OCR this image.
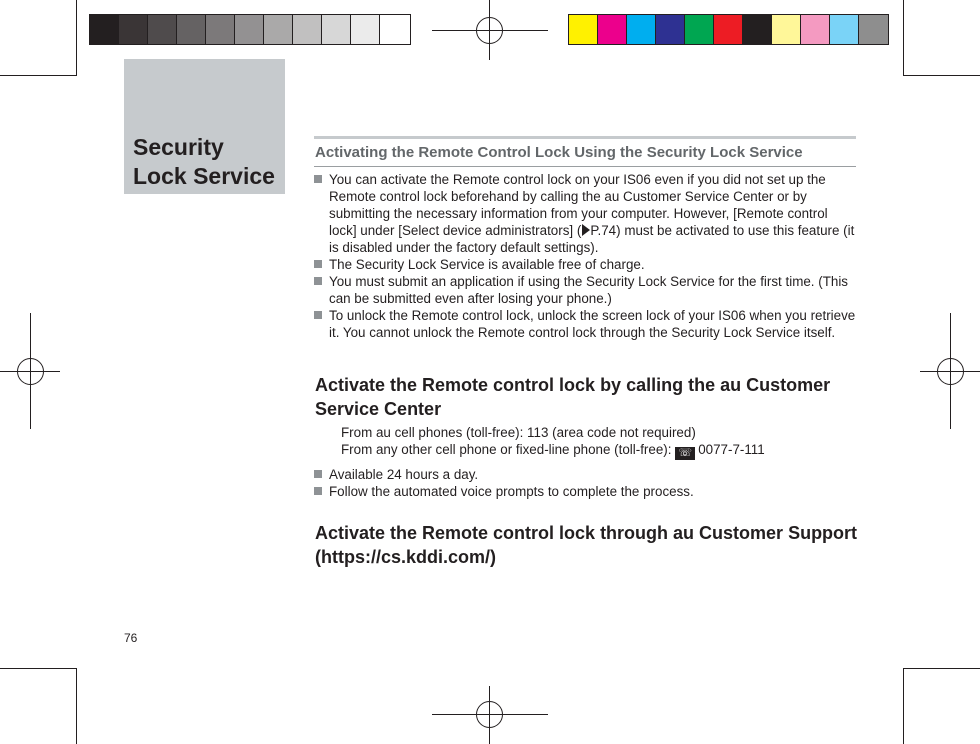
Security
Lock Service
Activating the Remote Control Lock Using the Security Lock Service
You can activate the Remote control lock on your IS06 even if you did not set up the Remote control lock beforehand by calling the au Customer Service Center or by submitting the necessary information from your computer. However, [Remote control lock] under [Select device administrators] ( P.74) must be activated to use this feature (it is disabled under the factory default settings).
The Security Lock Service is available free of charge.
You must submit an application if using the Security Lock Service for the first time. (This can be submitted even after losing your phone.)
To unlock the Remote control lock, unlock the screen lock of your IS06 when you retrieve it. You cannot unlock the Remote control lock through the Security Lock Service itself.
Activate the Remote control lock by calling the au Customer Service Center
From au cell phones (toll-free): 113 (area code not required)
From any other cell phone or fixed-line phone (toll-free): ☏ 0077-7-111
Available 24 hours a day.
Follow the automated voice prompts to complete the process.
Activate the Remote control lock through au Customer Support (https://cs.kddi.com/)
76
